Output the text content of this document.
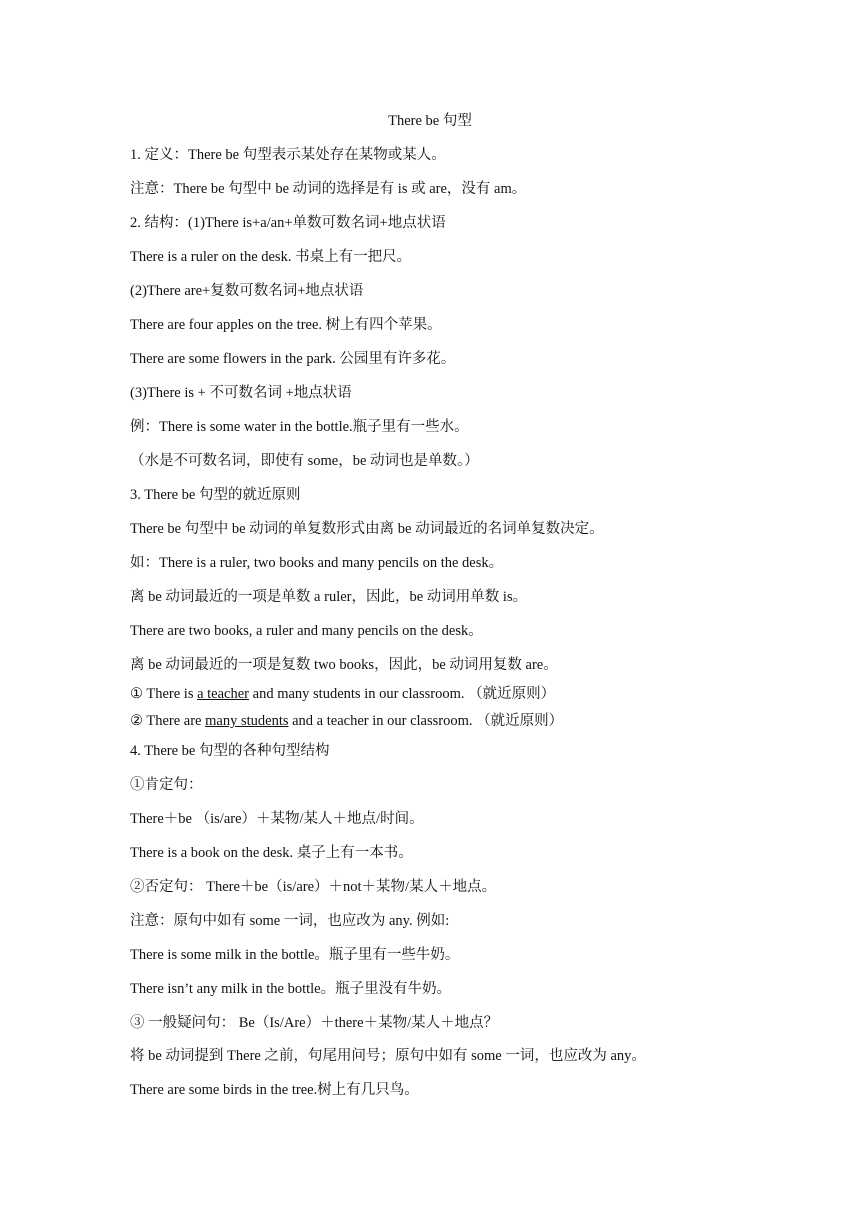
There be 句型
1. 定义：There be 句型表示某处存在某物或某人。
注意：There be 句型中 be 动词的选择是有 is 或 are，没有 am。
2. 结构：(1)There is+a/an+单数可数名词+地点状语
There is a ruler on the desk. 书桌上有一把尺。
(2)There are+复数可数名词+地点状语
There are four apples on the tree. 树上有四个苹果。
There are some flowers in the park. 公园里有许多花。
(3)There is + 不可数名词 +地点状语
例：There is some water in the bottle.瓶子里有一些水。
（水是不可数名词，即使有 some，be 动词也是单数。）
3. There be 句型的就近原则
There be 句型中 be 动词的单复数形式由离 be 动词最近的名词单复数决定。
如：There is a ruler, two books and many pencils on the desk。
离 be 动词最近的一项是单数 a ruler，因此，be 动词用单数 is。
There are two books, a ruler and many pencils on the desk。
离 be 动词最近的一项是复数 two books，因此，be 动词用复数 are。
① There is a teacher and many students in our classroom. （就近原则）
② There are many students and a teacher in our classroom. （就近原则）
4. There be 句型的各种句型结构
①肯定句：
There＋be （is/are）＋某物/某人＋地点/时间。
There is a book on the desk. 桌子上有一本书。
②否定句： There＋be（is/are）＋not＋某物/某人＋地点。
注意：原句中如有 some 一词，也应改为 any. 例如:
There is some milk in the bottle。瓶子里有一些牛奶。
There isn’t any milk in the bottle。瓶子里没有牛奶。
③ 一般疑问句： Be（Is/Are）＋there＋某物/某人＋地点？
将 be 动词提到 There 之前，句尾用问号；原句中如有 some 一词，也应改为 any。
There are some birds in the tree.树上有几只鸟。
